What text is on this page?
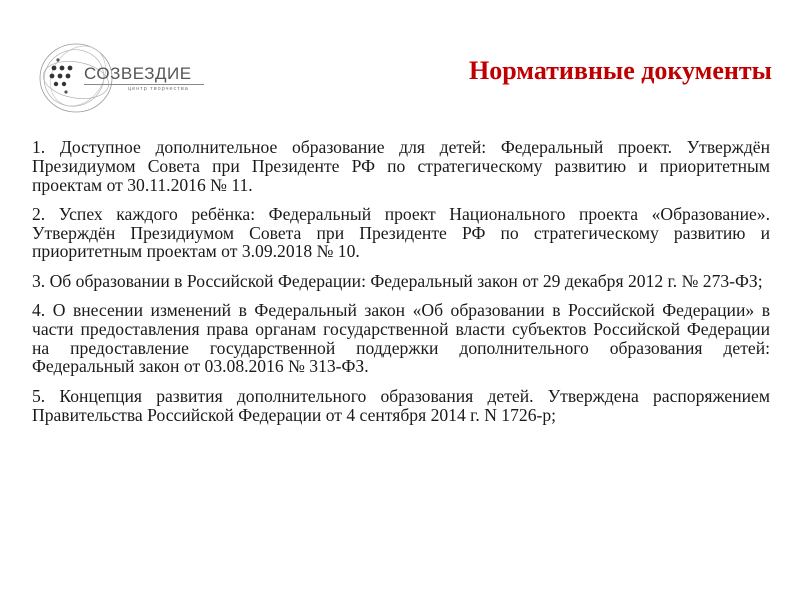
СОЗВЕЗДИЕ
центр творчества
Нормативные документы
1. Доступное дополнительное образование для детей: Федеральный проект. Утверждён Президиумом Совета при Президенте РФ по стратегическому развитию и приоритетным проектам от 30.11.2016 № 11.
2. Успех каждого ребёнка: Федеральный проект Национального проекта «Образование». Утверждён Президиумом Совета при Президенте РФ по стратегическому развитию и приоритетным проектам от 3.09.2018 № 10.
3. Об образовании в Российской Федерации: Федеральный закон от 29 декабря 2012 г. № 273-ФЗ;
4. О внесении изменений в Федеральный закон «Об образовании в Российской Федерации» в части предоставления права органам государственной власти субъектов Российской Федерации на предоставление государственной поддержки дополнительного образования детей: Федеральный закон от 03.08.2016 № 313-ФЗ.
5. Концепция развития дополнительного образования детей. Утверждена распоряжением Правительства Российской Федерации от 4 сентября 2014 г. N 1726-р;
